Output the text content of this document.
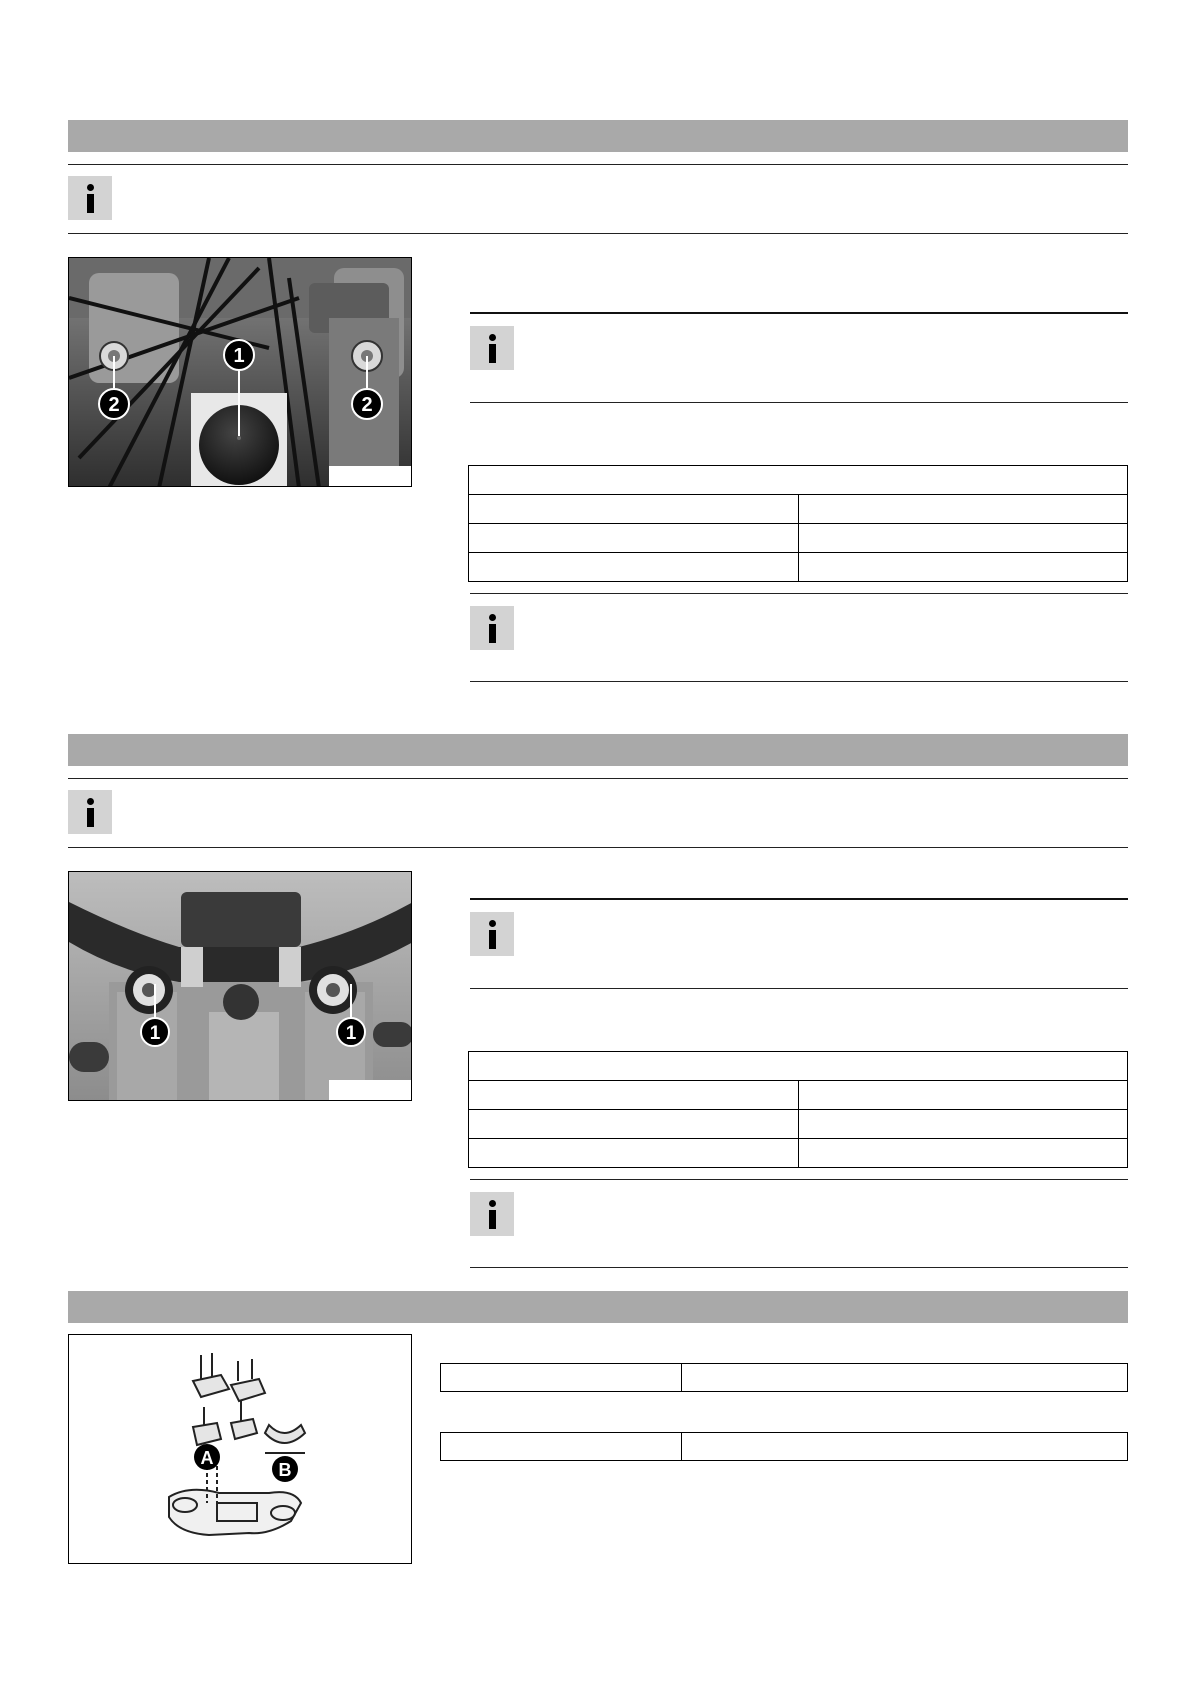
1
2	2

1	1

A
B
